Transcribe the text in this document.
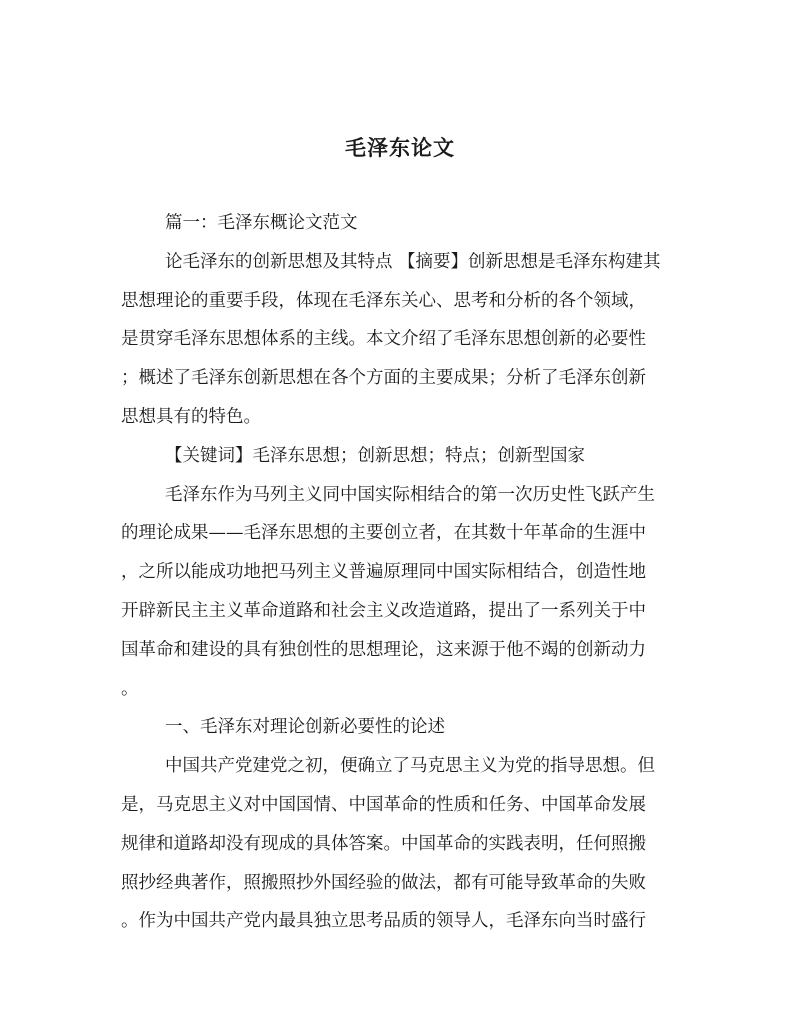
毛泽东论文
篇一：毛泽东概论文范文
论毛泽东的创新思想及其特点 【摘要】创新思想是毛泽东构建其
思想理论的重要手段，体现在毛泽东关心、思考和分析的各个领域，
是贯穿毛泽东思想体系的主线。本文介绍了毛泽东思想创新的必要性
；概述了毛泽东创新思想在各个方面的主要成果；分析了毛泽东创新
思想具有的特色。
【关键词】毛泽东思想；创新思想；特点；创新型国家
毛泽东作为马列主义同中国实际相结合的第一次历史性飞跃产生
的理论成果——毛泽东思想的主要创立者，在其数十年革命的生涯中
，之所以能成功地把马列主义普遍原理同中国实际相结合，创造性地
开辟新民主主义革命道路和社会主义改造道路，提出了一系列关于中
国革命和建设的具有独创性的思想理论，这来源于他不竭的创新动力
。
一、毛泽东对理论创新必要性的论述
中国共产党建党之初，便确立了马克思主义为党的指导思想。但
是，马克思主义对中国国情、中国革命的性质和任务、中国革命发展
规律和道路却没有现成的具体答案。中国革命的实践表明，任何照搬
照抄经典著作，照搬照抄外国经验的做法，都有可能导致革命的失败
。作为中国共产党内最具独立思考品质的领导人，毛泽东向当时盛行
